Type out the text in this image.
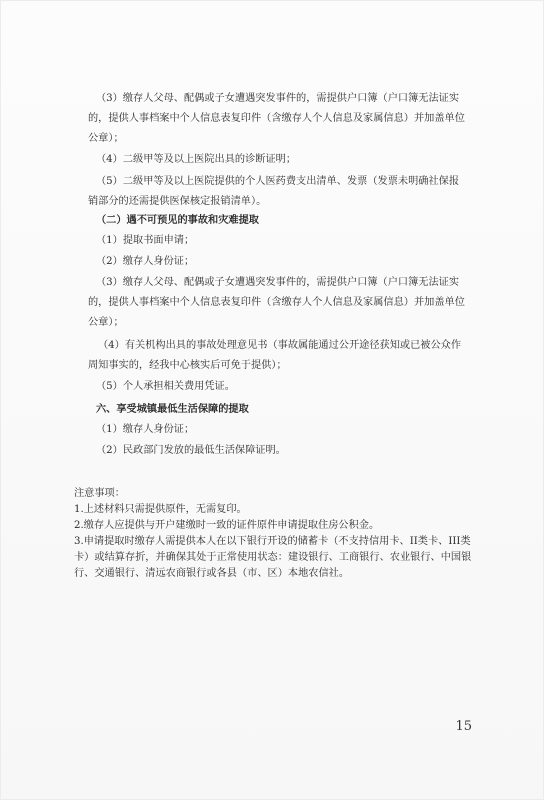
（3）缴存人父母、配偶或子女遭遇突发事件的，需提供户口簿（户口簿无法证实的，提供人事档案中个人信息表复印件（含缴存人个人信息及家属信息）并加盖单位公章）；

（4）二级甲等及以上医院出具的诊断证明；

（5）二级甲等及以上医院提供的个人医药费支出清单、发票（发票未明确社保报销部分的还需提供医保核定报销清单）。

（二）遇不可预见的事故和灾难提取

（1）提取书面申请；

（2）缴存人身份证；

（3）缴存人父母、配偶或子女遭遇突发事件的，需提供户口簿（户口簿无法证实的，提供人事档案中个人信息表复印件（含缴存人个人信息及家属信息）并加盖单位公章）；

（4）有关机构出具的事故处理意见书（事故属能通过公开途径获知或已被公众作周知事实的，经我中心核实后可免于提供）；

（5）个人承担相关费用凭证。

六、享受城镇最低生活保障的提取

（1）缴存人身份证；

（2）民政部门发放的最低生活保障证明。

注意事项：

1.上述材料只需提供原件，无需复印。

2.缴存人应提供与开户建缴时一致的证件原件申请提取住房公积金。

3.申请提取时缴存人需提供本人在以下银行开设的储蓄卡（不支持信用卡、II类卡、III类卡）或结算存折，并确保其处于正常使用状态：建设银行、工商银行、农业银行、中国银行、交通银行、清远农商银行或各县（市、区）本地农信社。

15
